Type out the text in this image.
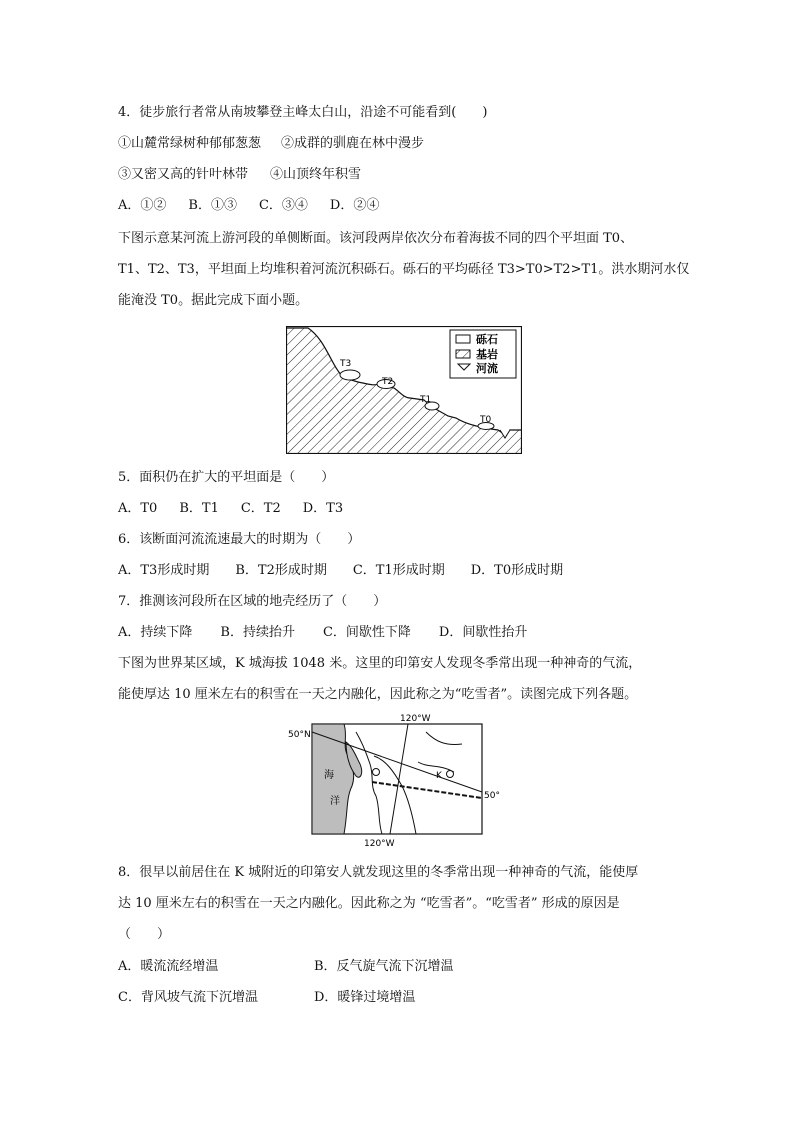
4．徒步旅行者常从南坡攀登主峰太白山，沿途不可能看到(　　)
①山麓常绿树种郁郁葱葱 ②成群的驯鹿在林中漫步
③又密又高的针叶林带 ④山顶终年积雪
A．①② B．①③ C．③④ D．②④
下图示意某河流上游河段的单侧断面。该河段两岸依次分布着海拔不同的四个平坦面 T0、
T1、T2、T3，平坦面上均堆积着河流沉积砾石。砾石的平均砾径 T3>T0>T2>T1。洪水期河水仅
能淹没 T0。据此完成下面小题。
砾石
基岩
河流
T3
T2
T1
T0
5．面积仍在扩大的平坦面是（　　）
A．T0 B．T1 C．T2 D．T3
6．该断面河流流速最大的时期为（　　）
A．T3形成时期 B．T2形成时期 C．T1形成时期 D．T0形成时期
7．推测该河段所在区域的地壳经历了（　　）
A．持续下降 B．持续抬升 C．间歇性下降 D．间歇性抬升
下图为世界某区域，K 城海拔 1048 米。这里的印第安人发现冬季常出现一种神奇的气流，
能使厚达 10 厘米左右的积雪在一天之内融化，因此称之为“吃雪者”。读图完成下列各题。
120°W
50°N
120°W
50°
海
洋
K
8．很早以前居住在 K 城附近的印第安人就发现这里的冬季常出现一种神奇的气流，能使厚
达 10 厘米左右的积雪在一天之内融化。因此称之为 “吃雪者”。“吃雪者” 形成的原因是
（　　）
A．暖流流经增温	B．反气旋气流下沉增温
C．背风坡气流下沉增温	D．暖锋过境增温
